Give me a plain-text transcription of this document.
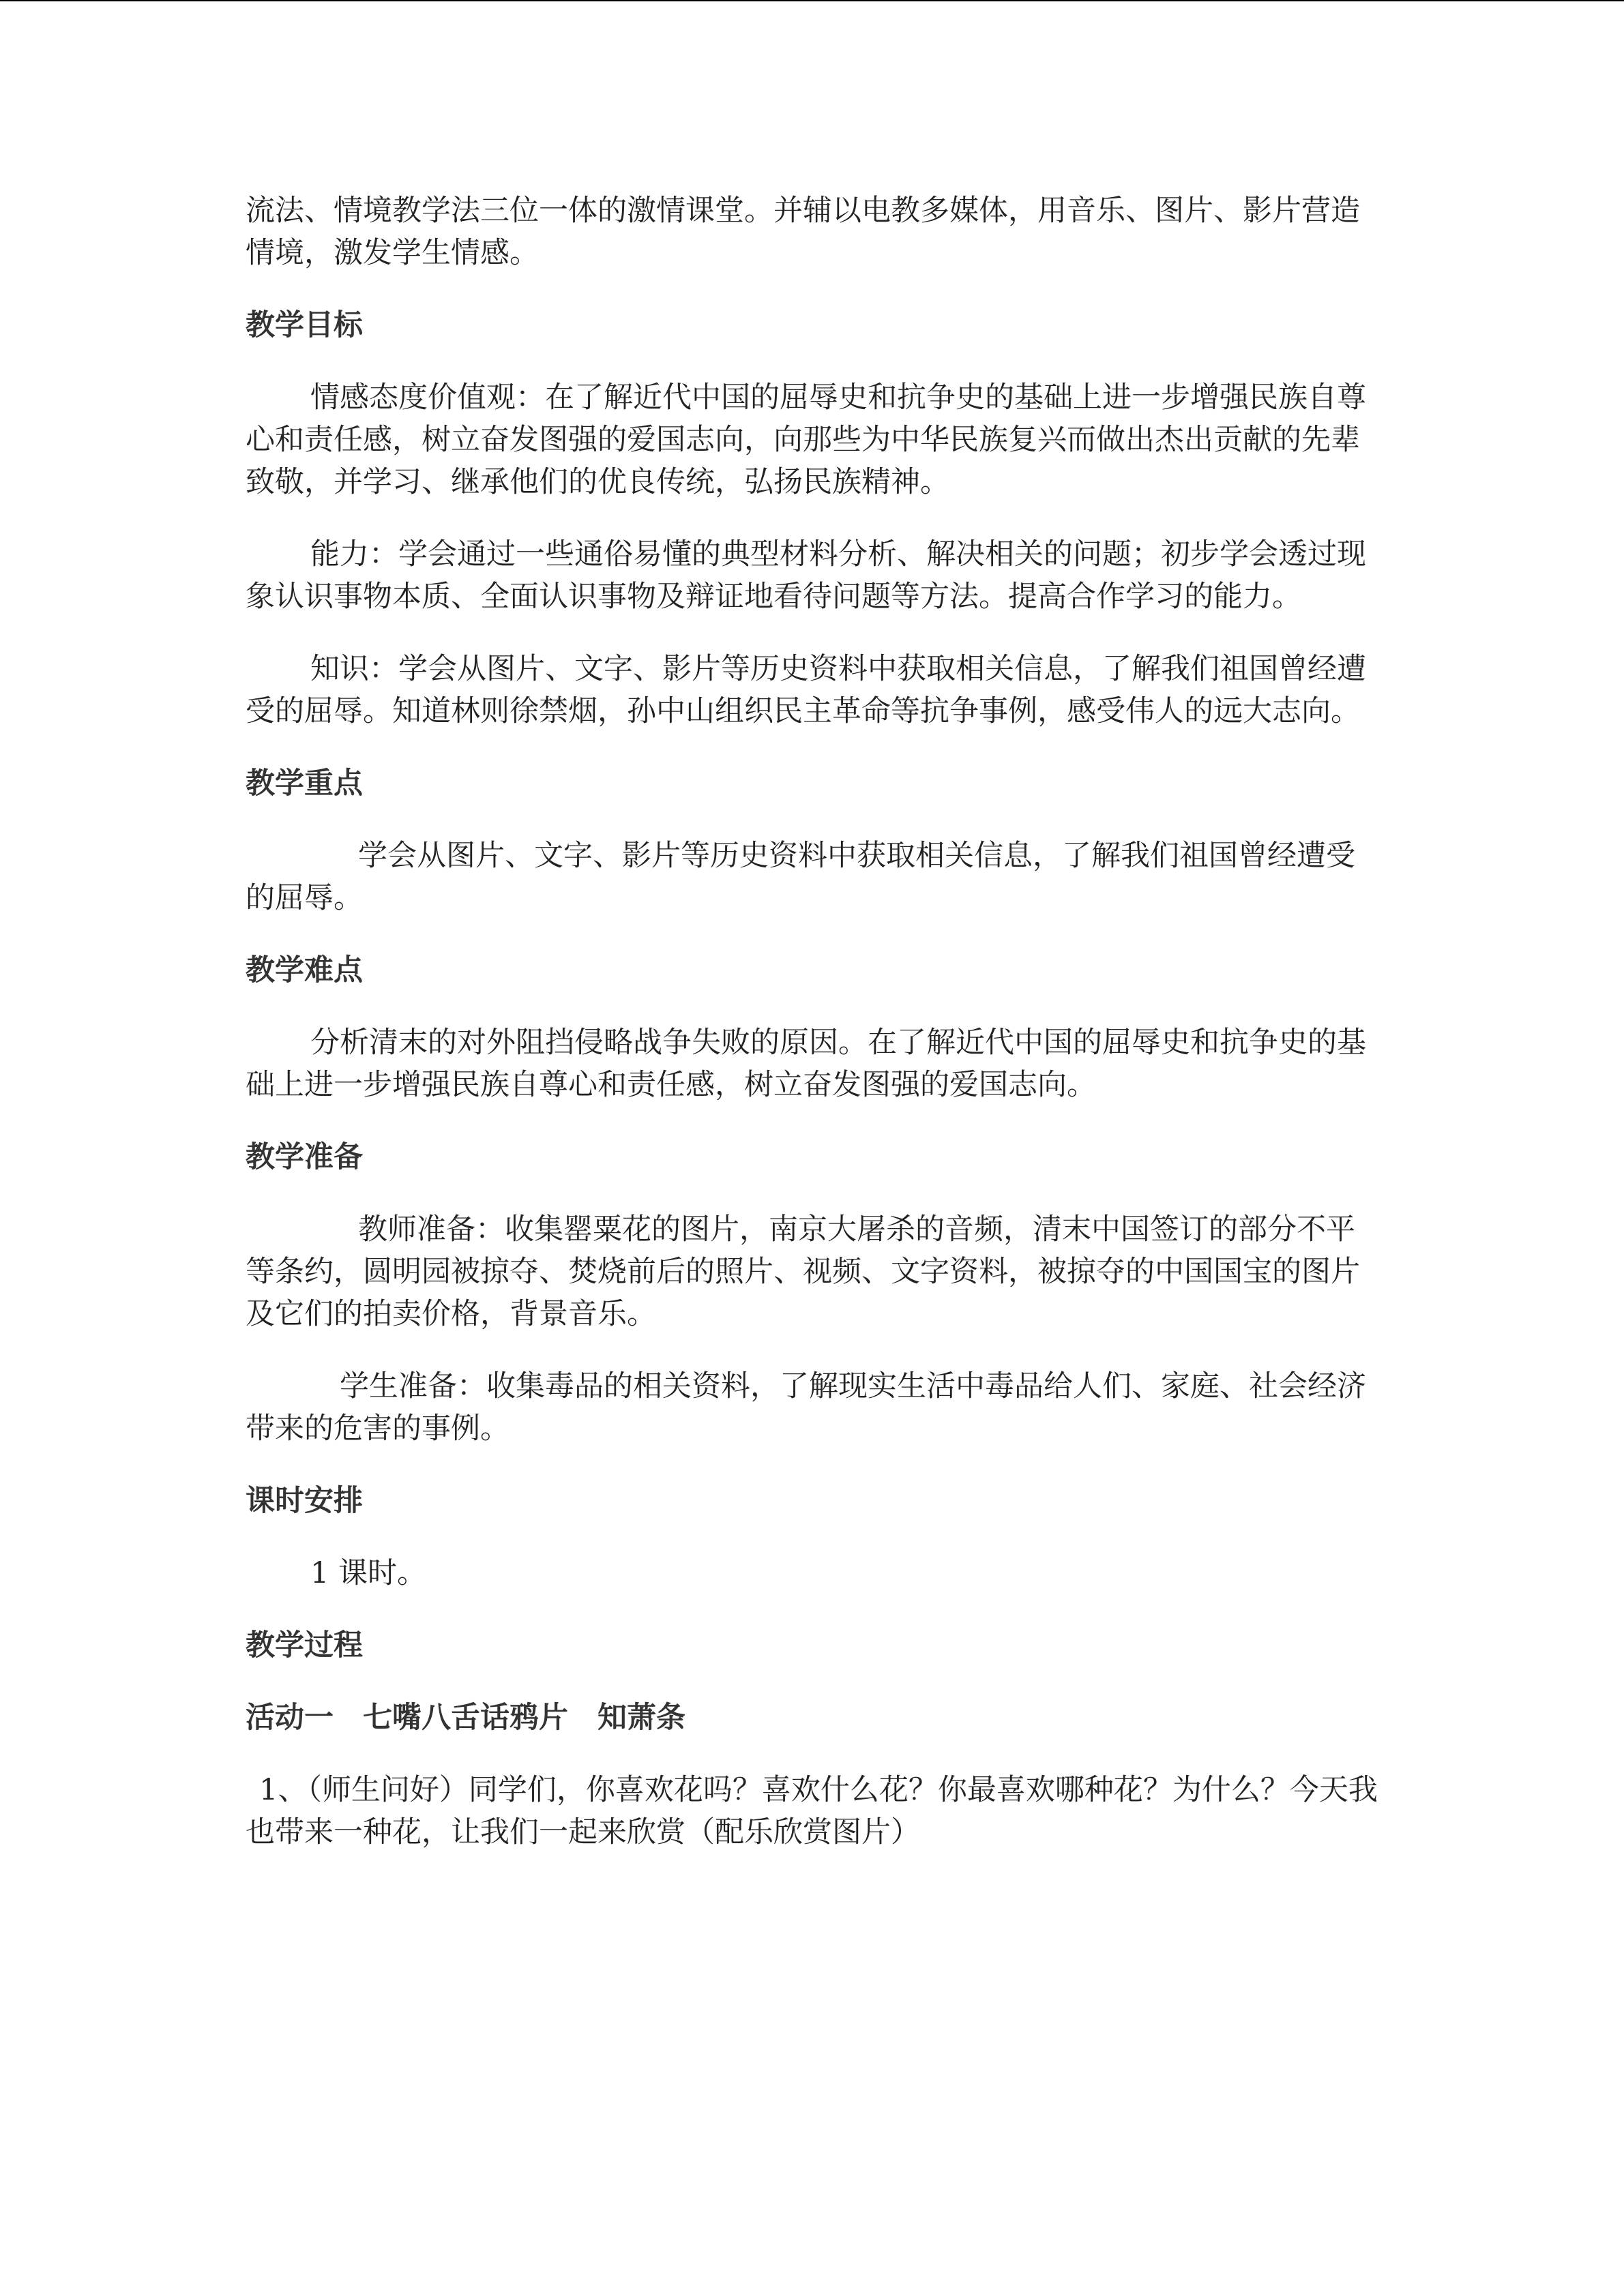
流法、情境教学法三位一体的激情课堂。并辅以电教多媒体，用音乐、图片、影片营造情境，激发学生情感。

教学目标

情感态度价值观：在了解近代中国的屈辱史和抗争史的基础上进一步增强民族自尊心和责任感，树立奋发图强的爱国志向，向那些为中华民族复兴而做出杰出贡献的先辈致敬，并学习、继承他们的优良传统，弘扬民族精神。

能力：学会通过一些通俗易懂的典型材料分析、解决相关的问题；初步学会透过现象认识事物本质、全面认识事物及辩证地看待问题等方法。提高合作学习的能力。

知识：学会从图片、文字、影片等历史资料中获取相关信息，了解我们祖国曾经遭受的屈辱。知道林则徐禁烟，孙中山组织民主革命等抗争事例，感受伟人的远大志向。

教学重点

学会从图片、文字、影片等历史资料中获取相关信息，了解我们祖国曾经遭受的屈辱。

教学难点

分析清末的对外阻挡侵略战争失败的原因。在了解近代中国的屈辱史和抗争史的基础上进一步增强民族自尊心和责任感，树立奋发图强的爱国志向。

教学准备

教师准备：收集罂粟花的图片，南京大屠杀的音频，清末中国签订的部分不平等条约，圆明园被掠夺、焚烧前后的照片、视频、文字资料，被掠夺的中国国宝的图片及它们的拍卖价格，背景音乐。

学生准备：收集毒品的相关资料，了解现实生活中毒品给人们、家庭、社会经济带来的危害的事例。

课时安排

1 课时。

教学过程

活动一　七嘴八舌话鸦片　知萧条

1、（师生问好）同学们，你喜欢花吗？喜欢什么花？你最喜欢哪种花？为什么？今天我也带来一种花，让我们一起来欣赏（配乐欣赏图片）
